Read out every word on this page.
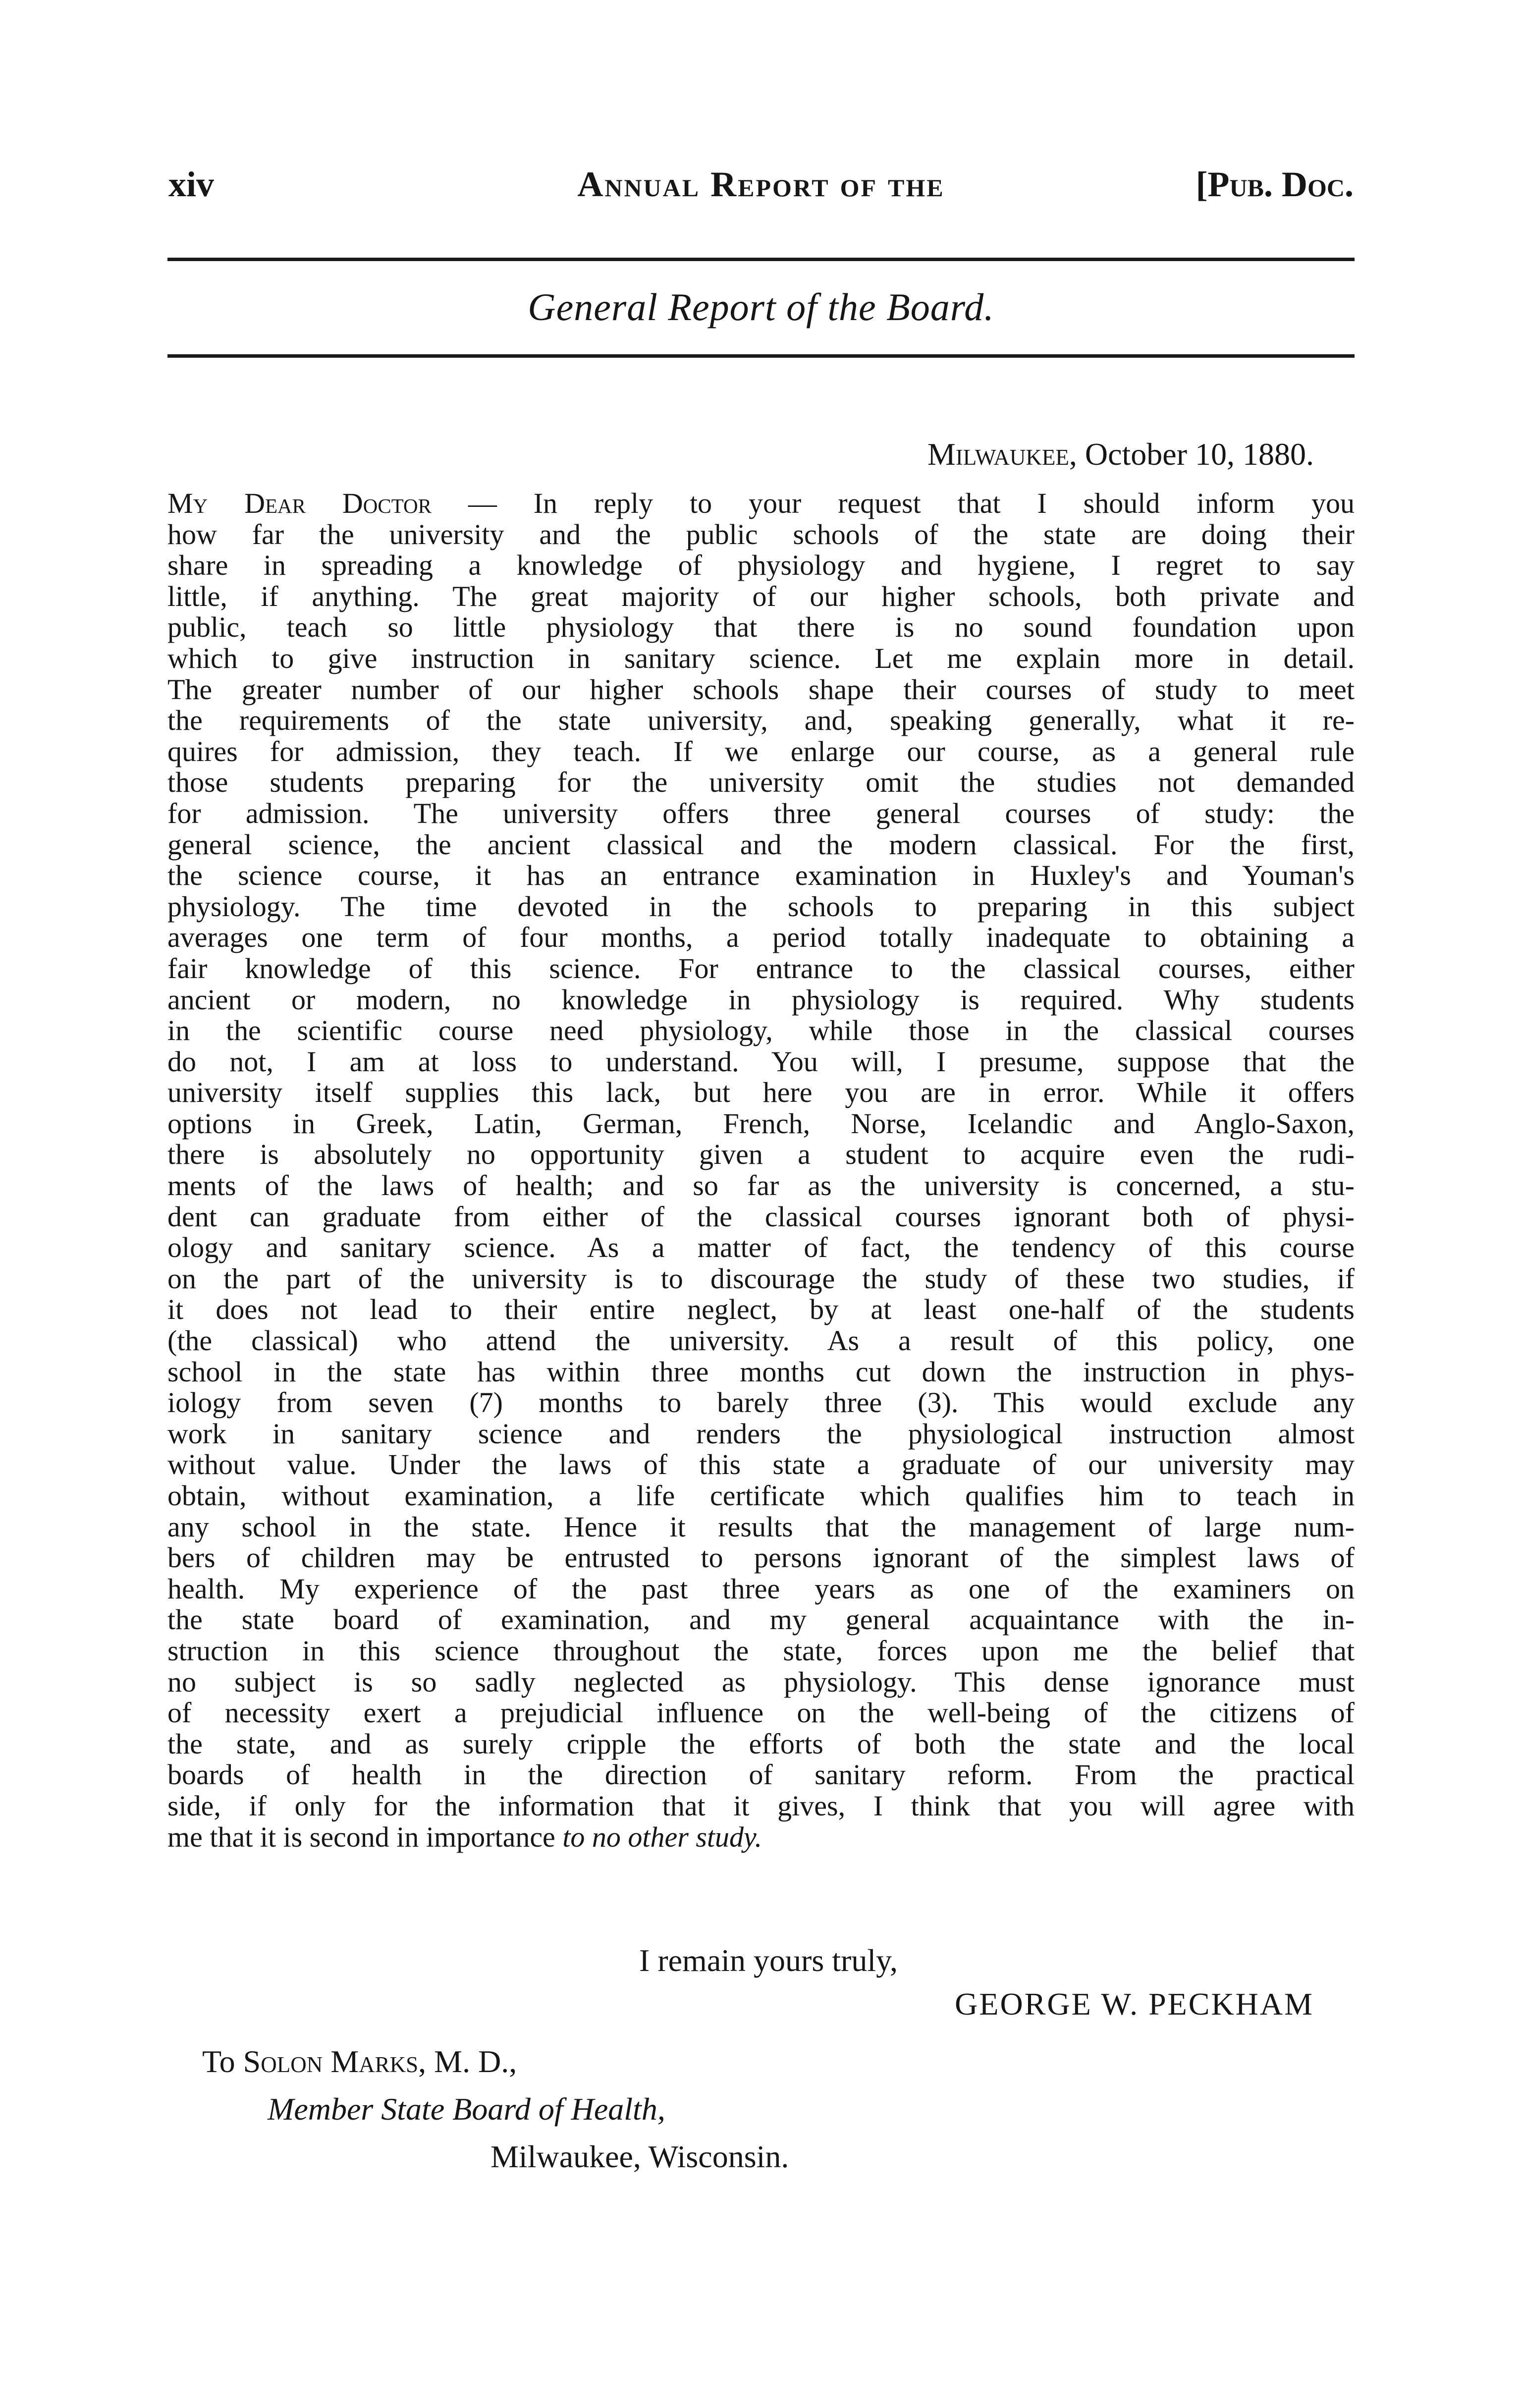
xiv	Annual Report of the	[Pub. Doc.
General Report of the Board.
Milwaukee, October 10, 1880.
My Dear Doctor — In reply to your request that I should inform you
how far the university and the public schools of the state are doing their
share in spreading a knowledge of physiology and hygiene, I regret to say
little, if anything. The great majority of our higher schools, both private and
public, teach so little physiology that there is no sound foundation upon
which to give instruction in sanitary science. Let me explain more in detail.
The greater number of our higher schools shape their courses of study to meet
the requirements of the state university, and, speaking generally, what it re-
quires for admission, they teach. If we enlarge our course, as a general rule
those students preparing for the university omit the studies not demanded
for admission. The university offers three general courses of study: the
general science, the ancient classical and the modern classical. For the first,
the science course, it has an entrance examination in Huxley's and Youman's
physiology. The time devoted in the schools to preparing in this subject
averages one term of four months, a period totally inadequate to obtaining a
fair knowledge of this science. For entrance to the classical courses, either
ancient or modern, no knowledge in physiology is required. Why students
in the scientific course need physiology, while those in the classical courses
do not, I am at loss to understand. You will, I presume, suppose that the
university itself supplies this lack, but here you are in error. While it offers
options in Greek, Latin, German, French, Norse, Icelandic and Anglo-Saxon,
there is absolutely no opportunity given a student to acquire even the rudi-
ments of the laws of health; and so far as the university is concerned, a stu-
dent can graduate from either of the classical courses ignorant both of physi-
ology and sanitary science. As a matter of fact, the tendency of this course
on the part of the university is to discourage the study of these two studies, if
it does not lead to their entire neglect, by at least one-half of the students
(the classical) who attend the university. As a result of this policy, one
school in the state has within three months cut down the instruction in phys-
iology from seven (7) months to barely three (3). This would exclude any
work in sanitary science and renders the physiological instruction almost
without value. Under the laws of this state a graduate of our university may
obtain, without examination, a life certificate which qualifies him to teach in
any school in the state. Hence it results that the management of large num-
bers of children may be entrusted to persons ignorant of the simplest laws of
health. My experience of the past three years as one of the examiners on
the state board of examination, and my general acquaintance with the in-
struction in this science throughout the state, forces upon me the belief that
no subject is so sadly neglected as physiology. This dense ignorance must
of necessity exert a prejudicial influence on the well-being of the citizens of
the state, and as surely cripple the efforts of both the state and the local
boards of health in the direction of sanitary reform. From the practical
side, if only for the information that it gives, I think that you will agree with
me that it is second in importance to no other study.
I remain yours truly,
GEORGE W. PECKHAM
To Solon Marks, M. D.,
Member State Board of Health,
Milwaukee, Wisconsin.
